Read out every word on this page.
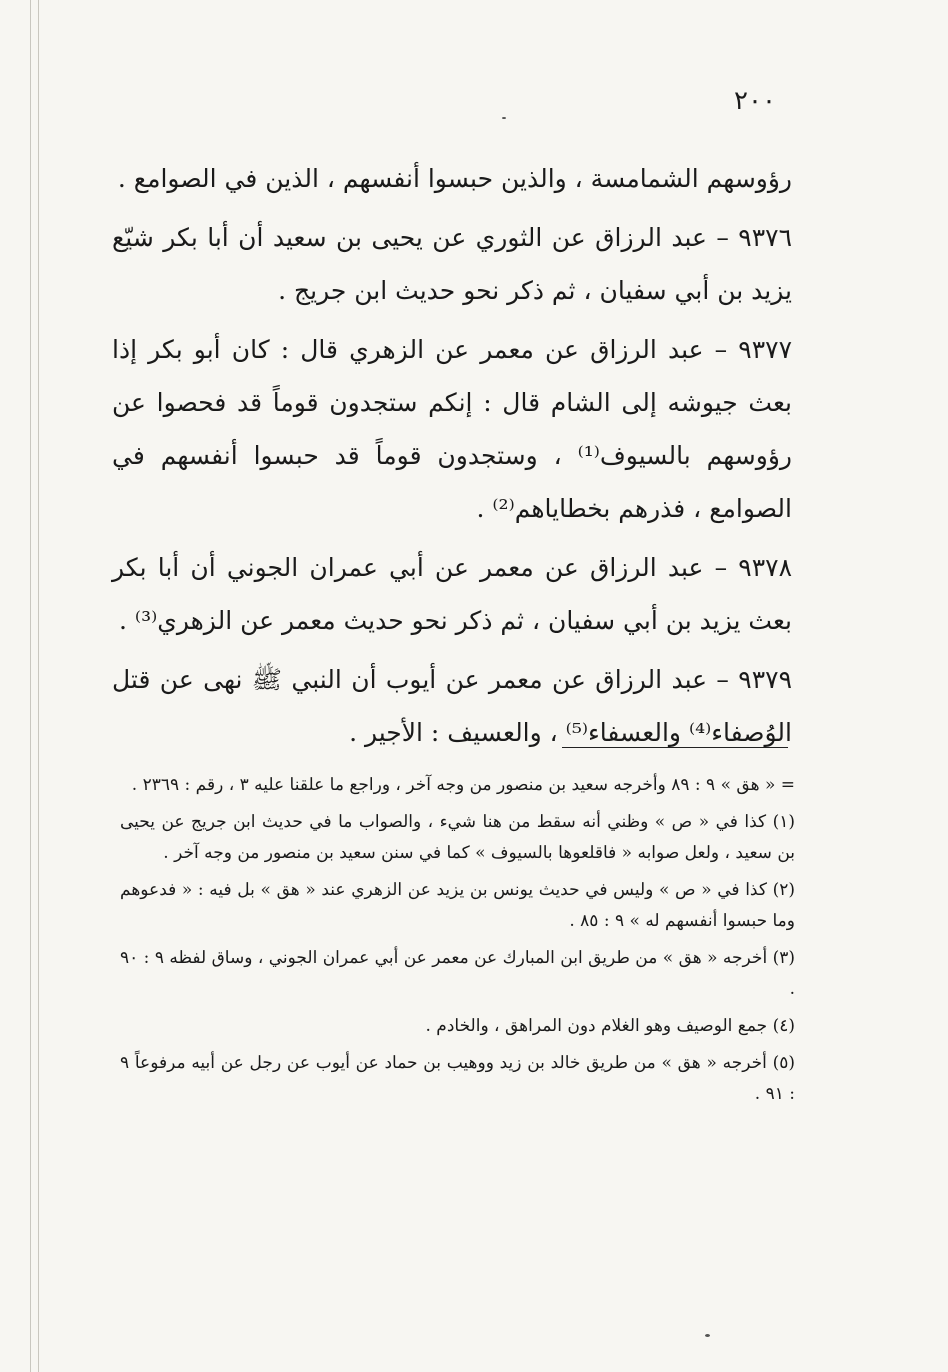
٢٠٠

رؤوسهم الشمامسة ، والذين حبسوا أنفسهم ، الذين في الصوامع .

٩٣٧٦ – عبد الرزاق عن الثوري عن يحيى بن سعيد أن أبا بكر شيّع يزيد بن أبي سفيان ، ثم ذكر نحو حديث ابن جريج .

٩٣٧٧ – عبد الرزاق عن معمر عن الزهري قال : كان أبو بكر إذا بعث جيوشه إلى الشام قال : إنكم ستجدون قوماً قد فحصوا عن رؤوسهم بالسيوف⁽¹⁾ ، وستجدون قوماً قد حبسوا أنفسهم في الصوامع ، فذرهم بخطاياهم⁽²⁾ .

٩٣٧٨ – عبد الرزاق عن معمر عن أبي عمران الجوني أن أبا بكر بعث يزيد بن أبي سفيان ، ثم ذكر نحو حديث معمر عن الزهري⁽³⁾ .

٩٣٧٩ – عبد الرزاق عن معمر عن أيوب أن النبي ﷺ نهى عن قتل الوُصفاء⁽⁴⁾ والعسفاء⁽⁵⁾ ، والعسيف : الأجير .

= « هق » ٩ : ٨٩ وأخرجه سعيد بن منصور من وجه آخر ، وراجع ما علقنا عليه ٣ ، رقم : ٢٣٦٩ .

(١) كذا في « ص » وظني أنه سقط من هنا شيء ، والصواب ما في حديث ابن جريج عن يحيى بن سعيد ، ولعل صوابه « فاقلعوها بالسيوف » كما في سنن سعيد بن منصور من وجه آخر .

(٢) كذا في « ص » وليس في حديث يونس بن يزيد عن الزهري عند « هق » بل فيه : « فدعوهم وما حبسوا أنفسهم له » ٩ : ٨٥ .

(٣) أخرجه « هق » من طريق ابن المبارك عن معمر عن أبي عمران الجوني ، وساق لفظه ٩ : ٩٠ .

(٤) جمع الوصيف وهو الغلام دون المراهق ، والخادم .

(٥) أخرجه « هق » من طريق خالد بن زيد ووهيب بن حماد عن أيوب عن رجل عن أبيه مرفوعاً ٩ : ٩١ .
